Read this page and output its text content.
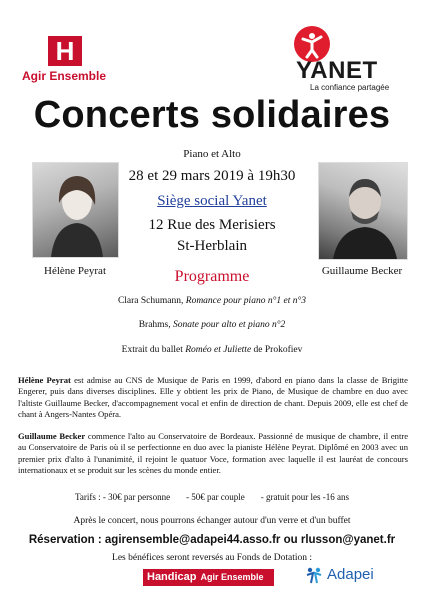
H
Agir Ensemble	YANET
La confiance partagée
Concerts solidaires
Piano et Alto
28 et 29 mars 2019 à 19h30
Siège social Yanet
12 Rue des Merisiers
St-Herblain
Hélène Peyrat	Guillaume Becker
Programme
Clara Schumann, Romance pour piano n°1 et n°3
Brahms, Sonate pour alto et piano n°2
Extrait du ballet Roméo et Juliette de Prokofiev
Hélène Peyrat est admise au CNS de Musique de Paris en 1999, d'abord en piano dans la classe de Brigitte Engerer, puis dans diverses disciplines. Elle y obtient les prix de Piano, de Musique de chambre en duo avec l'altiste Guillaume Becker, d'accompagnement vocal et enfin de direction de chant. Depuis 2009, elle est chef de chant à Angers-Nantes Opéra.
Guillaume Becker commence l'alto au Conservatoire de Bordeaux. Passionné de musique de chambre, il entre au Conservatoire de Paris où il se perfectionne en duo avec la pianiste Hélène Peyrat. Diplômé en 2003 avec un premier prix d'alto à l'unanimité, il rejoint le quatuor Voce, formation avec laquelle il est lauréat de concours internationaux et se produit sur les scènes du monde entier.
Tarifs : - 30€ par personne - 50€ par couple - gratuit pour les -16 ans
Après le concert, nous pourrons échanger autour d'un verre et d'un buffet
Réservation : agirensemble@adapei44.asso.fr ou rlusson@yanet.fr
Les bénéfices seront reversés au Fonds de Dotation :
Handicap Agir Ensemble	Adapei
